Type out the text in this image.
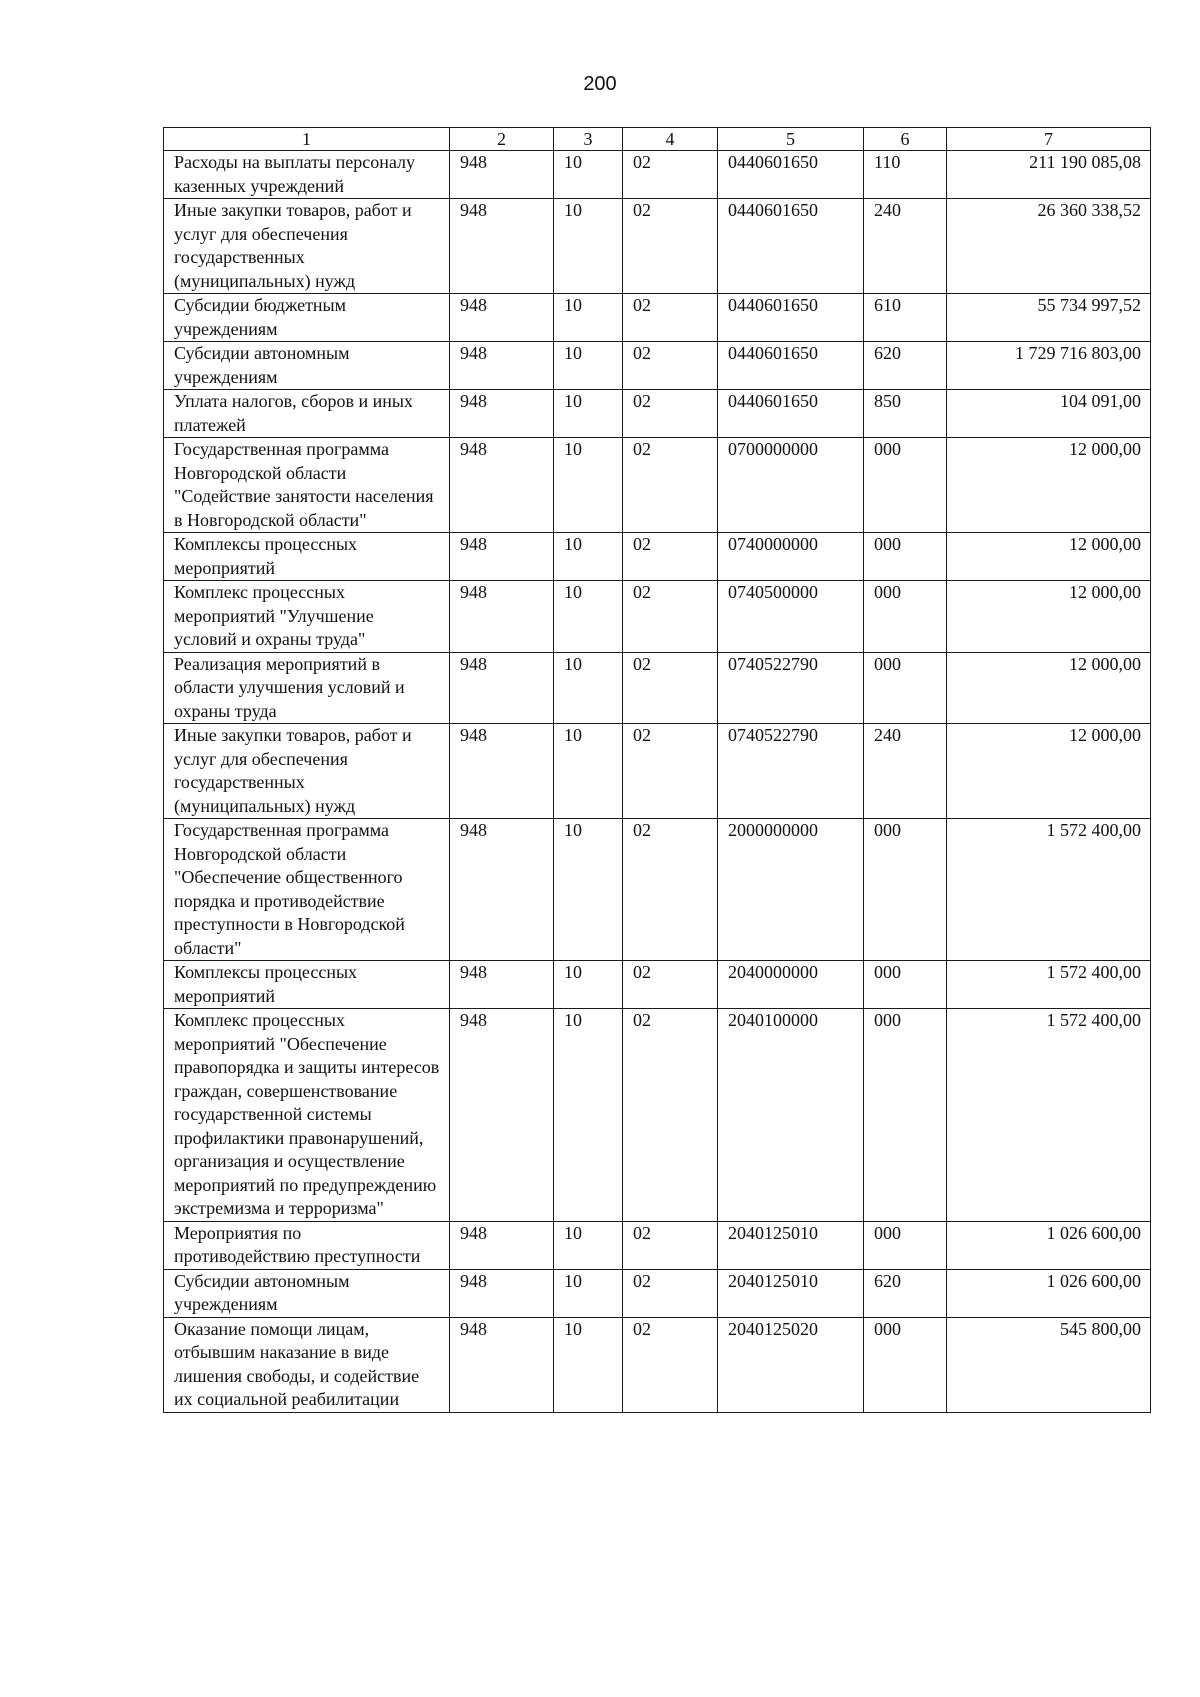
200
1	2	3	4	5	6	7
Расходы на выплаты персоналу казенных учреждений	948	10	02	0440601650	110	211 190 085,08
Иные закупки товаров, работ и услуг для обеспечения государственных (муниципальных) нужд	948	10	02	0440601650	240	26 360 338,52
Субсидии бюджетным учреждениям	948	10	02	0440601650	610	55 734 997,52
Субсидии автономным учреждениям	948	10	02	0440601650	620	1 729 716 803,00
Уплата налогов, сборов и иных платежей	948	10	02	0440601650	850	104 091,00
Государственная программа Новгородской области "Содействие занятости населения в Новгородской области"	948	10	02	0700000000	000	12 000,00
Комплексы процессных мероприятий	948	10	02	0740000000	000	12 000,00
Комплекс процессных мероприятий "Улучшение условий и охраны труда"	948	10	02	0740500000	000	12 000,00
Реализация мероприятий в области улучшения условий и охраны труда	948	10	02	0740522790	000	12 000,00
Иные закупки товаров, работ и услуг для обеспечения государственных (муниципальных) нужд	948	10	02	0740522790	240	12 000,00
Государственная программа Новгородской области "Обеспечение общественного порядка и противодействие преступности в Новгородской области"	948	10	02	2000000000	000	1 572 400,00
Комплексы процессных мероприятий	948	10	02	2040000000	000	1 572 400,00
Комплекс процессных мероприятий "Обеспечение правопорядка и защиты интересов граждан, совершенствование государственной системы профилактики правонарушений, организация и осуществление мероприятий по предупреждению экстремизма и терроризма"	948	10	02	2040100000	000	1 572 400,00
Мероприятия по противодействию преступности	948	10	02	2040125010	000	1 026 600,00
Субсидии автономным учреждениям	948	10	02	2040125010	620	1 026 600,00
Оказание помощи лицам, отбывшим наказание в виде лишения свободы, и содействие их социальной реабилитации	948	10	02	2040125020	000	545 800,00
